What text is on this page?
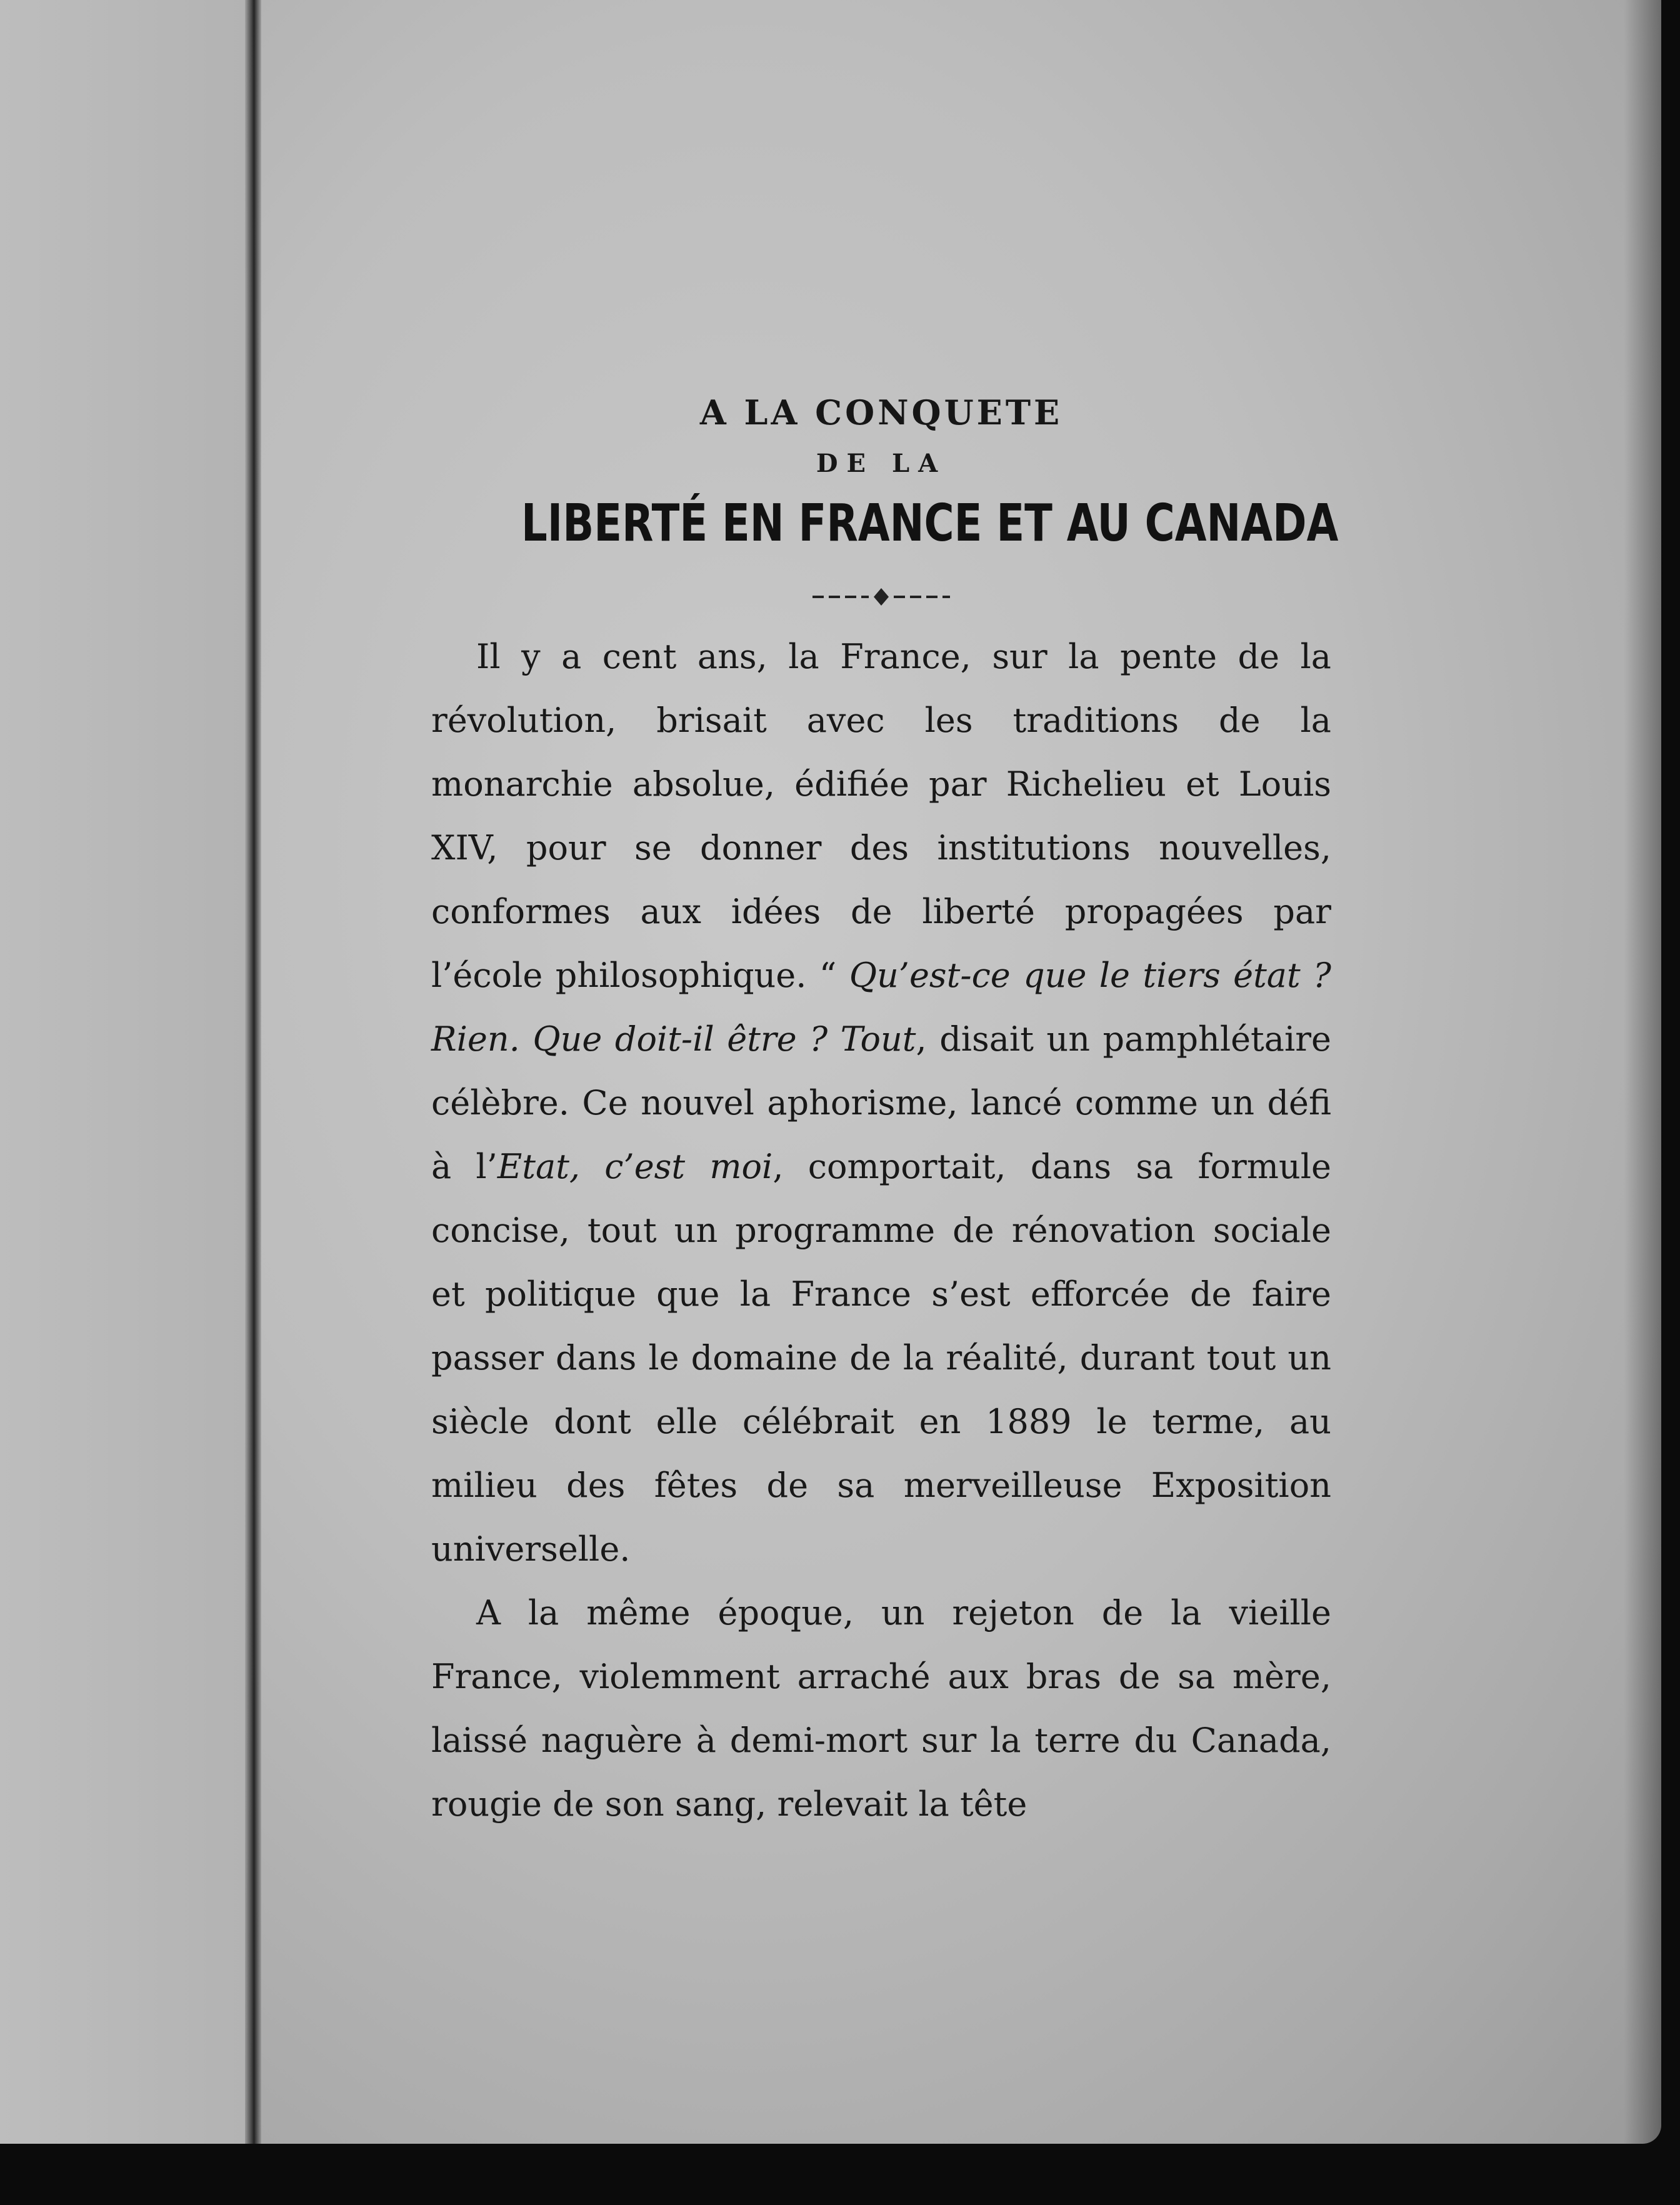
A LA CONQUETE
DE LA
LIBERTÉ EN FRANCE ET AU CANADA

Il y a cent ans, la France, sur la pente de la révolution, brisait avec les traditions de la monarchie absolue, édifiée par Richelieu et Louis XIV, pour se donner des institutions nouvelles, conformes aux idées de liberté propagées par l’école philosophique. “ Qu’est-ce que le tiers état ? Rien. Que doit-il être ? Tout, disait un pamphlétaire célèbre. Ce nouvel aphorisme, lancé comme un défi à l’Etat, c’est moi, comportait, dans sa formule concise, tout un programme de rénovation sociale et politique que la France s’est efforcée de faire passer dans le domaine de la réalité, durant tout un siècle dont elle célébrait en 1889 le terme, au milieu des fêtes de sa merveilleuse Exposition universelle.

A la même époque, un rejeton de la vieille France, violemment arraché aux bras de sa mère, laissé naguère à demi-mort sur la terre du Canada, rougie de son sang, relevait la tête
